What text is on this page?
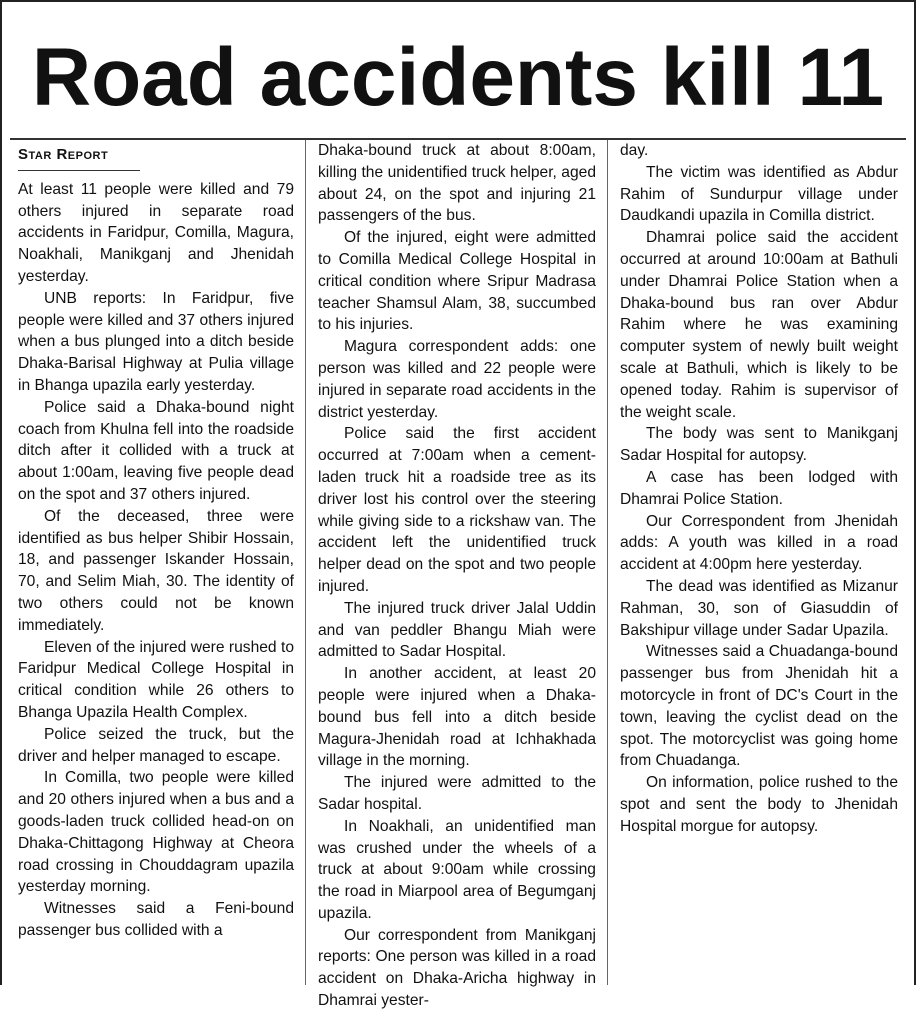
Road accidents kill 11
Star Report

At least 11 people were killed and 79 others injured in separate road accidents in Faridpur, Comilla, Magura, Noakhali, Manikganj and Jhenidah yesterday.

UNB reports: In Faridpur, five people were killed and 37 others injured when a bus plunged into a ditch beside Dhaka-Barisal Highway at Pulia village in Bhanga upazila early yesterday.

Police said a Dhaka-bound night coach from Khulna fell into the roadside ditch after it collided with a truck at about 1:00am, leaving five people dead on the spot and 37 others injured.

Of the deceased, three were identified as bus helper Shibir Hossain, 18, and passenger Iskander Hossain, 70, and Selim Miah, 30. The identity of two others could not be known immediately.

Eleven of the injured were rushed to Faridpur Medical College Hospital in critical condition while 26 others to Bhanga Upazila Health Complex.

Police seized the truck, but the driver and helper managed to escape.

In Comilla, two people were killed and 20 others injured when a bus and a goods-laden truck collided head-on on Dhaka-Chittagong Highway at Cheora road crossing in Chouddagram upazila yesterday morning.

Witnesses said a Feni-bound passenger bus collided with a

Dhaka-bound truck at about 8:00am, killing the unidentified truck helper, aged about 24, on the spot and injuring 21 passengers of the bus.

Of the injured, eight were admitted to Comilla Medical College Hospital in critical condition where Sripur Madrasa teacher Shamsul Alam, 38, succumbed to his injuries.

Magura correspondent adds: one person was killed and 22 people were injured in separate road accidents in the district yesterday.

Police said the first accident occurred at 7:00am when a cement-laden truck hit a roadside tree as its driver lost his control over the steering while giving side to a rickshaw van. The accident left the unidentified truck helper dead on the spot and two people injured.

The injured truck driver Jalal Uddin and van peddler Bhangu Miah were admitted to Sadar Hospital.

In another accident, at least 20 people were injured when a Dhaka-bound bus fell into a ditch beside Magura-Jhenidah road at Ichhakhada village in the morning.

The injured were admitted to the Sadar hospital.

In Noakhali, an unidentified man was crushed under the wheels of a truck at about 9:00am while crossing the road in Miarpool area of Begumganj upazila.

Our correspondent from Manikganj reports: One person was killed in a road accident on Dhaka-Aricha highway in Dhamrai yester-

day.

The victim was identified as Abdur Rahim of Sundurpur village under Daudkandi upazila in Comilla district.

Dhamrai police said the accident occurred at around 10:00am at Bathuli under Dhamrai Police Station when a Dhaka-bound bus ran over Abdur Rahim where he was examining computer system of newly built weight scale at Bathuli, which is likely to be opened today. Rahim is supervisor of the weight scale.

The body was sent to Manikganj Sadar Hospital for autopsy.

A case has been lodged with Dhamrai Police Station.

Our Correspondent from Jhenidah adds: A youth was killed in a road accident at 4:00pm here yesterday.

The dead was identified as Mizanur Rahman, 30, son of Giasuddin of Bakshipur village under Sadar Upazila.

Witnesses said a Chuadanga-bound passenger bus from Jhenidah hit a motorcycle in front of DC's Court in the town, leaving the cyclist dead on the spot. The motorcyclist was going home from Chuadanga.

On information, police rushed to the spot and sent the body to Jhenidah Hospital morgue for autopsy.
